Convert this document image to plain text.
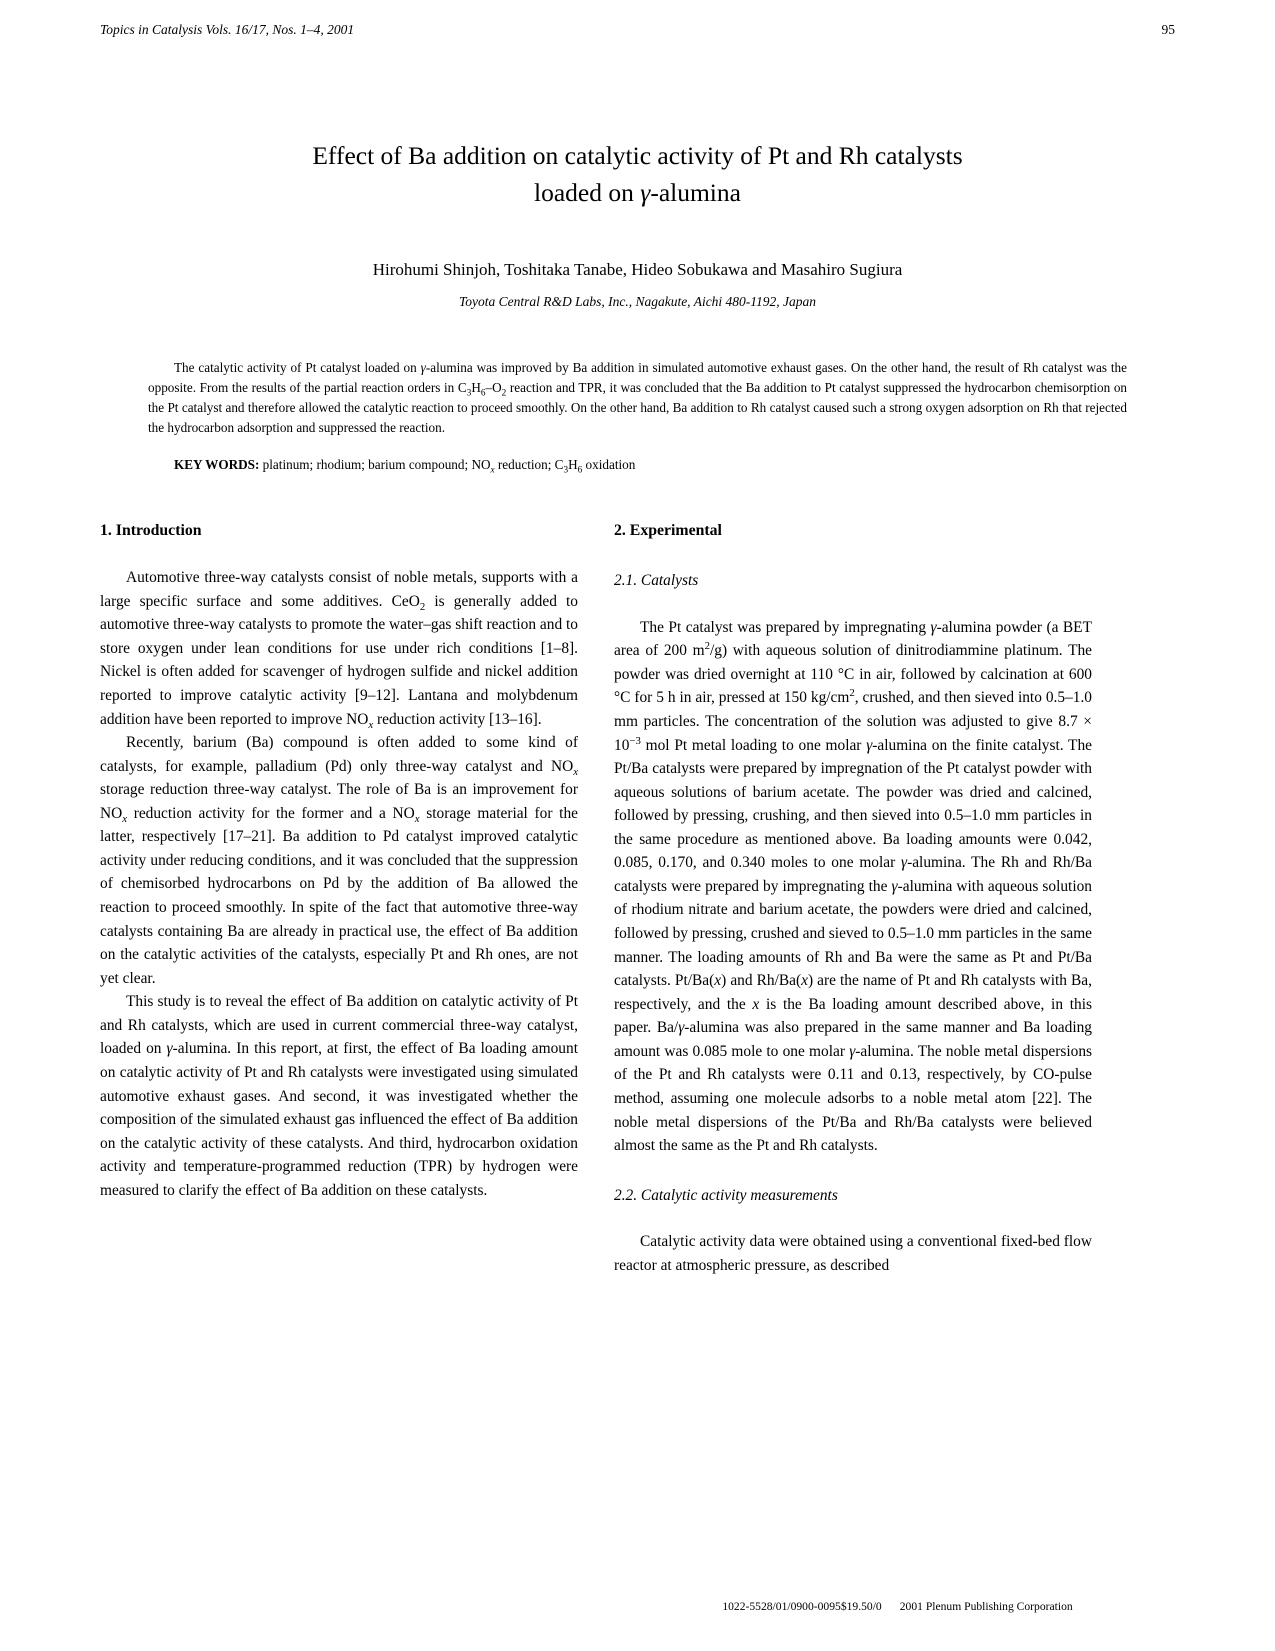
Topics in Catalysis Vols. 16/17, Nos. 1–4, 2001	95
Effect of Ba addition on catalytic activity of Pt and Rh catalysts
loaded on γ-alumina
Hirohumi Shinjoh, Toshitaka Tanabe, Hideo Sobukawa and Masahiro Sugiura
Toyota Central R&D Labs, Inc., Nagakute, Aichi 480-1192, Japan

The catalytic activity of Pt catalyst loaded on γ-alumina was improved by Ba addition in simulated automotive exhaust gases. On the other hand, the result of Rh catalyst was the opposite. From the results of the partial reaction orders in $C_3H_6-O_2$ reaction and TPR, it was concluded that the Ba addition to Pt catalyst suppressed the hydrocarbon chemisorption on the Pt catalyst and therefore allowed the catalytic reaction to proceed smoothly. On the other hand, Ba addition to Rh catalyst caused such a strong oxygen adsorption on Rh that rejected the hydrocarbon adsorption and suppressed the reaction.

KEY WORDS: platinum; rhodium; barium compound; $NO_x$ reduction; $C_3H_6$ oxidation
1. Introduction

Automotive three-way catalysts consist of noble metals, supports with a large specific surface and some additives. CeO$_2$ is generally added to automotive three-way catalysts to promote the water–gas shift reaction and to store oxygen under lean conditions for use under rich conditions [1–8]. Nickel is often added for scavenger of hydrogen sulfide and nickel addition reported to improve catalytic activity [9–12]. Lantana and molybdenum addition have been reported to improve $NO_x$ reduction activity [13–16].

Recently, barium (Ba) compound is often added to some kind of catalysts, for example, palladium (Pd) only three-way catalyst and $NO_x$ storage reduction three-way catalyst. The role of Ba is an improvement for $NO_x$ reduction activity for the former and a $NO_x$ storage material for the latter, respectively [17–21]. Ba addition to Pd catalyst improved catalytic activity under reducing conditions, and it was concluded that the suppression of chemisorbed hydrocarbons on Pd by the addition of Ba allowed the reaction to proceed smoothly. In spite of the fact that automotive three-way catalysts containing Ba are already in practical use, the effect of Ba addition on the catalytic activities of the catalysts, especially Pt and Rh ones, are not yet clear.

This study is to reveal the effect of Ba addition on catalytic activity of Pt and Rh catalysts, which are used in current commercial three-way catalyst, loaded on γ-alumina. In this report, at first, the effect of Ba loading amount on catalytic activity of Pt and Rh catalysts were investigated using simulated automotive exhaust gases. And second, it was investigated whether the composition of the simulated exhaust gas influenced the effect of Ba addition on the catalytic activity of these catalysts. And third, hydrocarbon oxidation activity and temperature-programmed reduction (TPR) by hydrogen were measured to clarify the effect of Ba addition on these catalysts.

2. Experimental
2.1. Catalysts

The Pt catalyst was prepared by impregnating γ-alumina powder (a BET area of 200 $m^2/g$) with aqueous solution of dinitrodiammine platinum. The powder was dried overnight at 110 °C in air, followed by calcination at 600 °C for 5 h in air, pressed at 150 $kg/cm^2$, crushed, and then sieved into 0.5–1.0 mm particles. The concentration of the solution was adjusted to give $8.7 \times 10^{-3}$ mol Pt metal loading to one molar γ-alumina on the finite catalyst. The Pt/Ba catalysts were prepared by impregnation of the Pt catalyst powder with aqueous solutions of barium acetate. The powder was dried and calcined, followed by pressing, crushing, and then sieved into 0.5–1.0 mm particles in the same procedure as mentioned above. Ba loading amounts were 0.042, 0.085, 0.170, and 0.340 moles to one molar γ-alumina. The Rh and Rh/Ba catalysts were prepared by impregnating the γ-alumina with aqueous solution of rhodium nitrate and barium acetate, the powders were dried and calcined, followed by pressing, crushed and sieved to 0.5–1.0 mm particles in the same manner. The loading amounts of Rh and Ba were the same as Pt and Pt/Ba catalysts. Pt/Ba(x) and Rh/Ba(x) are the name of Pt and Rh catalysts with Ba, respectively, and the x is the Ba loading amount described above, in this paper. Ba/γ-alumina was also prepared in the same manner and Ba loading amount was 0.085 mole to one molar γ-alumina. The noble metal dispersions of the Pt and Rh catalysts were 0.11 and 0.13, respectively, by CO-pulse method, assuming one molecule adsorbs to a noble metal atom [22]. The noble metal dispersions of the Pt/Ba and Rh/Ba catalysts were believed almost the same as the Pt and Rh catalysts.

2.2. Catalytic activity measurements

Catalytic activity data were obtained using a conventional fixed-bed flow reactor at atmospheric pressure, as described

1022-5528/01/0900-0095$19.50/0 2001 Plenum Publishing Corporation
